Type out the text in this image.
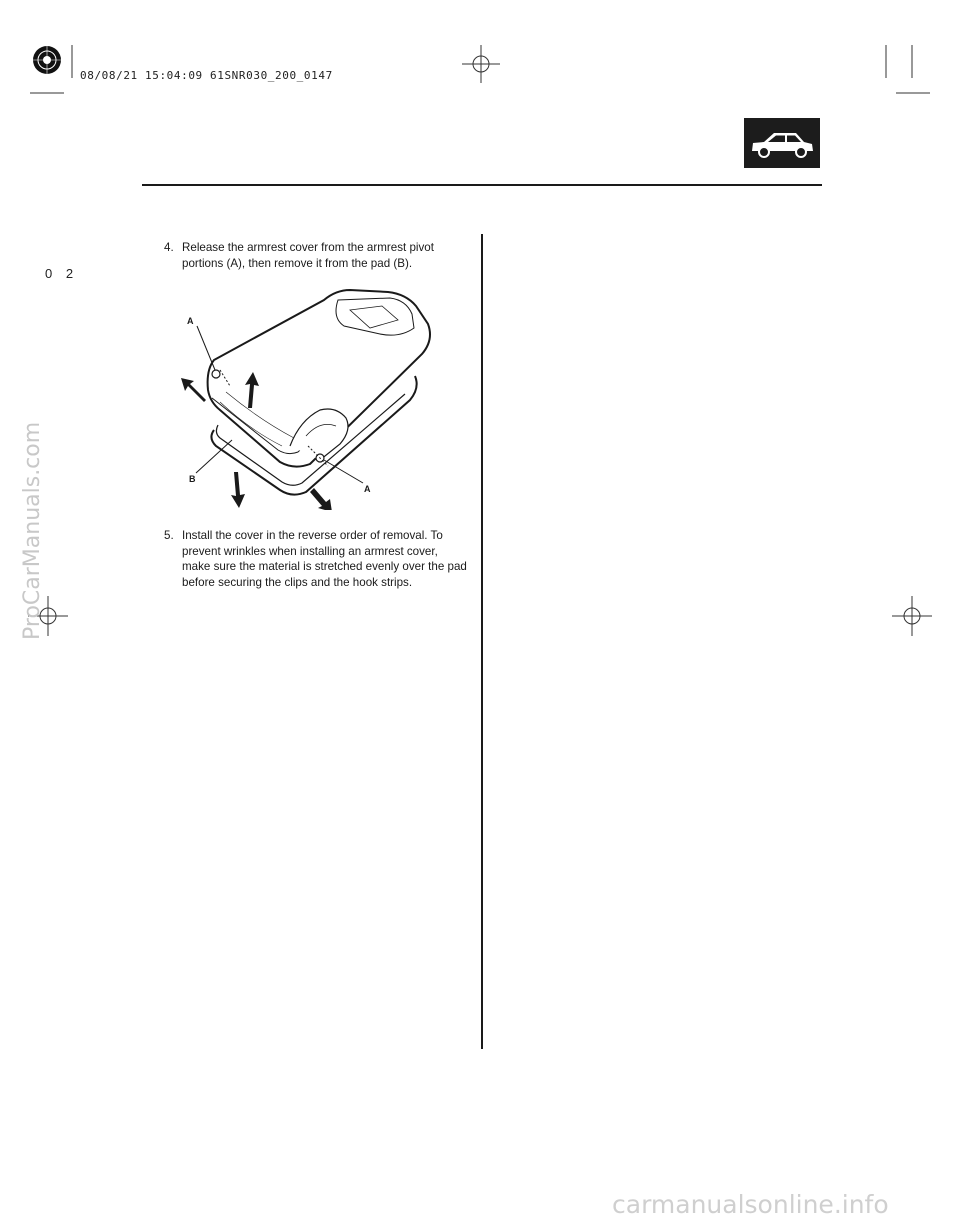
08/08/21 15:04:09 61SNR030_200_0147
0 2
ProCarManuals.com
carmanualsonline.info
4. Release the armrest cover from the armrest pivot portions (A), then remove it from the pad (B).
A
B
A
5. Install the cover in the reverse order of removal. To prevent wrinkles when installing an armrest cover, make sure the material is stretched evenly over the pad before securing the clips and the hook strips.
